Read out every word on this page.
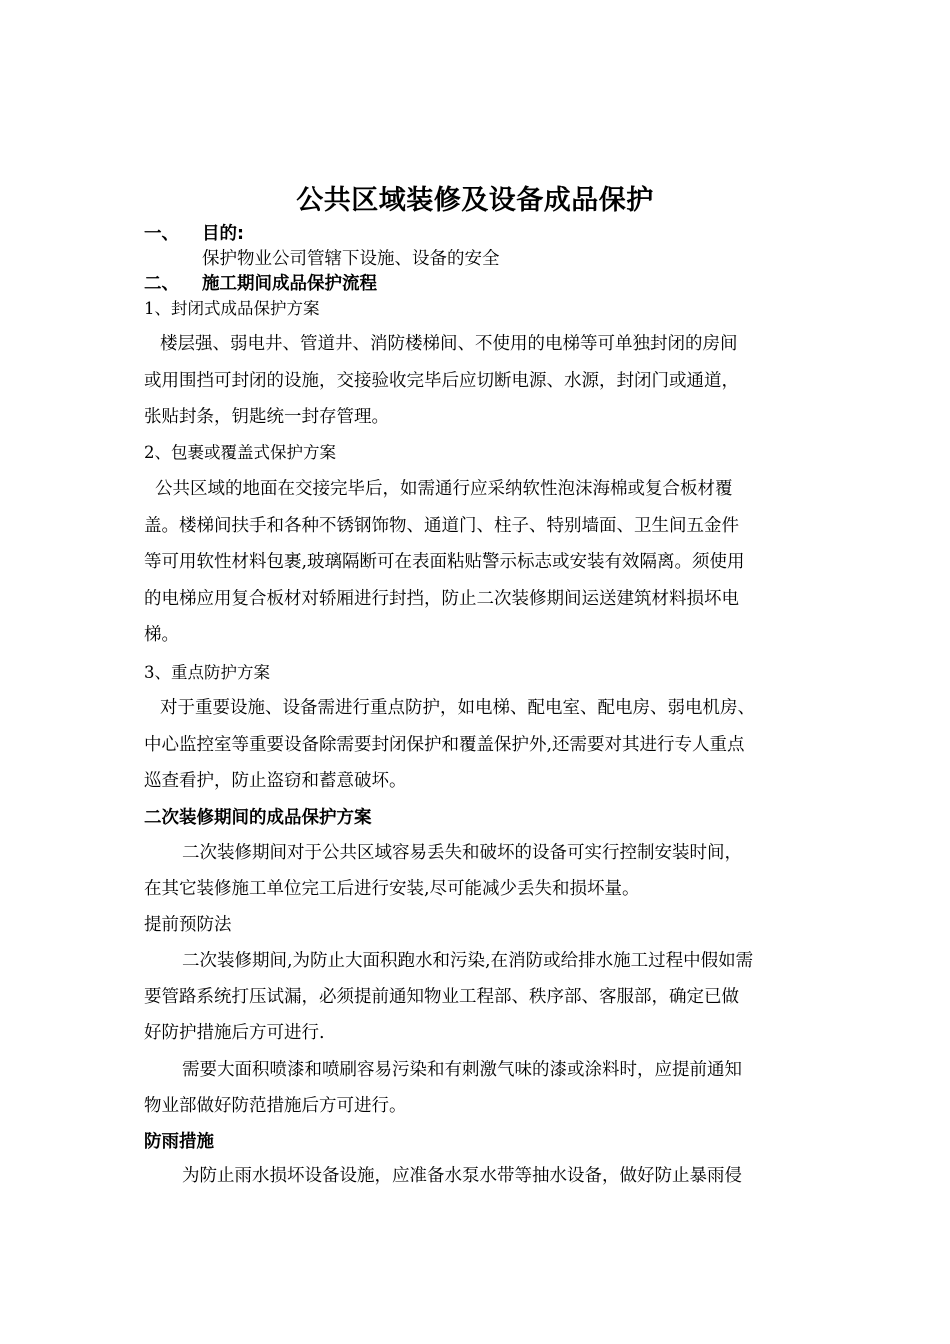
公共区域装修及设备成品保护
一、 目的:
保护物业公司管辖下设施、设备的安全
二、 施工期间成品保护流程
1、封闭式成品保护方案
楼层强、弱电井、管道井、消防楼梯间、不使用的电梯等可单独封闭的房间
或用围挡可封闭的设施，交接验收完毕后应切断电源、水源，封闭门或通道，
张贴封条，钥匙统一封存管理。
2、包裹或覆盖式保护方案
公共区域的地面在交接完毕后，如需通行应采纳软性泡沫海棉或复合板材覆
盖。楼梯间扶手和各种不锈钢饰物、通道门、柱子、特别墙面、卫生间五金件
等可用软性材料包裹,玻璃隔断可在表面粘贴警示标志或安装有效隔离。须使用
的电梯应用复合板材对轿厢进行封挡，防止二次装修期间运送建筑材料损坏电
梯。
3、重点防护方案
对于重要设施、设备需进行重点防护，如电梯、配电室、配电房、弱电机房、
中心监控室等重要设备除需要封闭保护和覆盖保护外,还需要对其进行专人重点
巡查看护，防止盗窃和蓄意破坏。
二次装修期间的成品保护方案
二次装修期间对于公共区域容易丢失和破坏的设备可实行控制安装时间，
在其它装修施工单位完工后进行安装,尽可能减少丢失和损坏量。
提前预防法
二次装修期间,为防止大面积跑水和污染,在消防或给排水施工过程中假如需
要管路系统打压试漏，必须提前通知物业工程部、秩序部、客服部，确定已做
好防护措施后方可进行.
需要大面积喷漆和喷刷容易污染和有刺激气味的漆或涂料时，应提前通知
物业部做好防范措施后方可进行。
防雨措施
为防止雨水损坏设备设施，应准备水泵水带等抽水设备，做好防止暴雨侵
